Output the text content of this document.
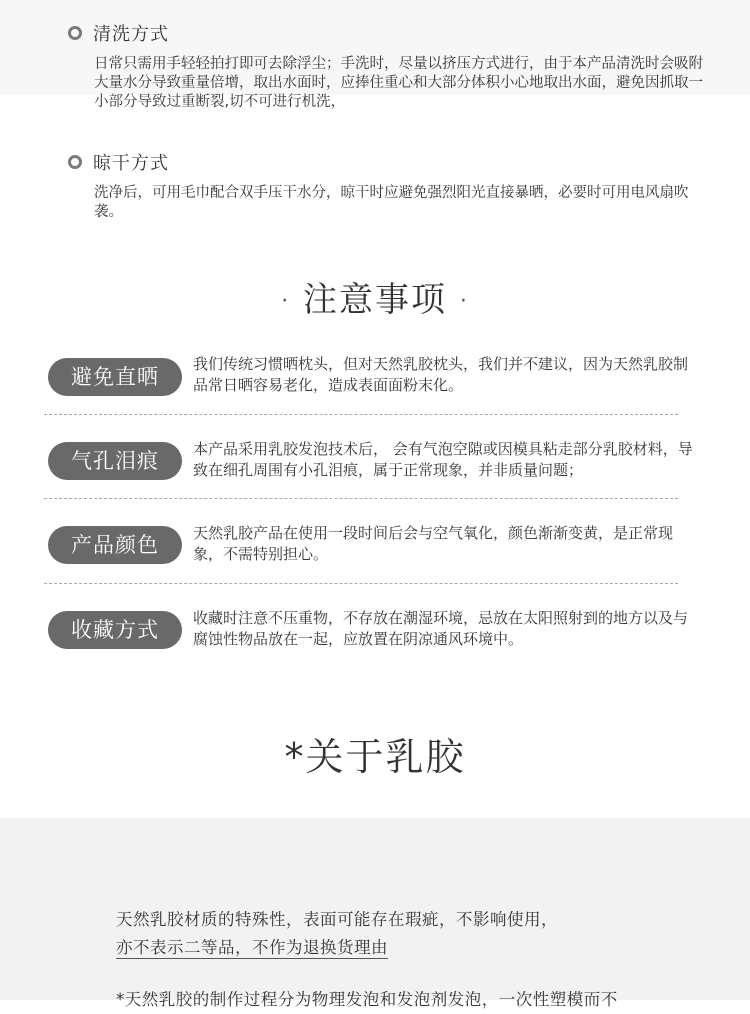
清洗方式
日常只需用手轻轻拍打即可去除浮尘；手洗时，尽量以挤压方式进行，由于本产品清洗时会吸附大量水分导致重量倍增，取出水面时，应捧住重心和大部分体积小心地取出水面，避免因抓取一小部分导致过重断裂,切不可进行机洗，
晾干方式
洗净后，可用毛巾配合双手压干水分，晾干时应避免强烈阳光直接暴晒，必要时可用电风扇吹袭。
· 注意事项 ·
避免直晒
我们传统习惯晒枕头，但对天然乳胶枕头，我们并不建议，因为天然乳胶制品常日晒容易老化，造成表面面粉末化。
气孔泪痕	本产品采用乳胶发泡技术后， 会有气泡空隙或因模具粘走部分乳胶材料，导致在细孔周围有小孔泪痕，属于正常现象，并非质量问题；
产品颜色	天然乳胶产品在使用一段时间后会与空气氧化，颜色渐渐变黄，是正常现象，不需特别担心。
收藏方式	收藏时注意不压重物，不存放在潮湿环境，忌放在太阳照射到的地方以及与腐蚀性物品放在一起，应放置在阴凉通风环境中。
*关于乳胶
天然乳胶材质的特殊性，表面可能存在瑕疵，不影响使用，
亦不表示二等品，不作为退换货理由
*天然乳胶的制作过程分为物理发泡和发泡剂发泡，一次性塑模而不
